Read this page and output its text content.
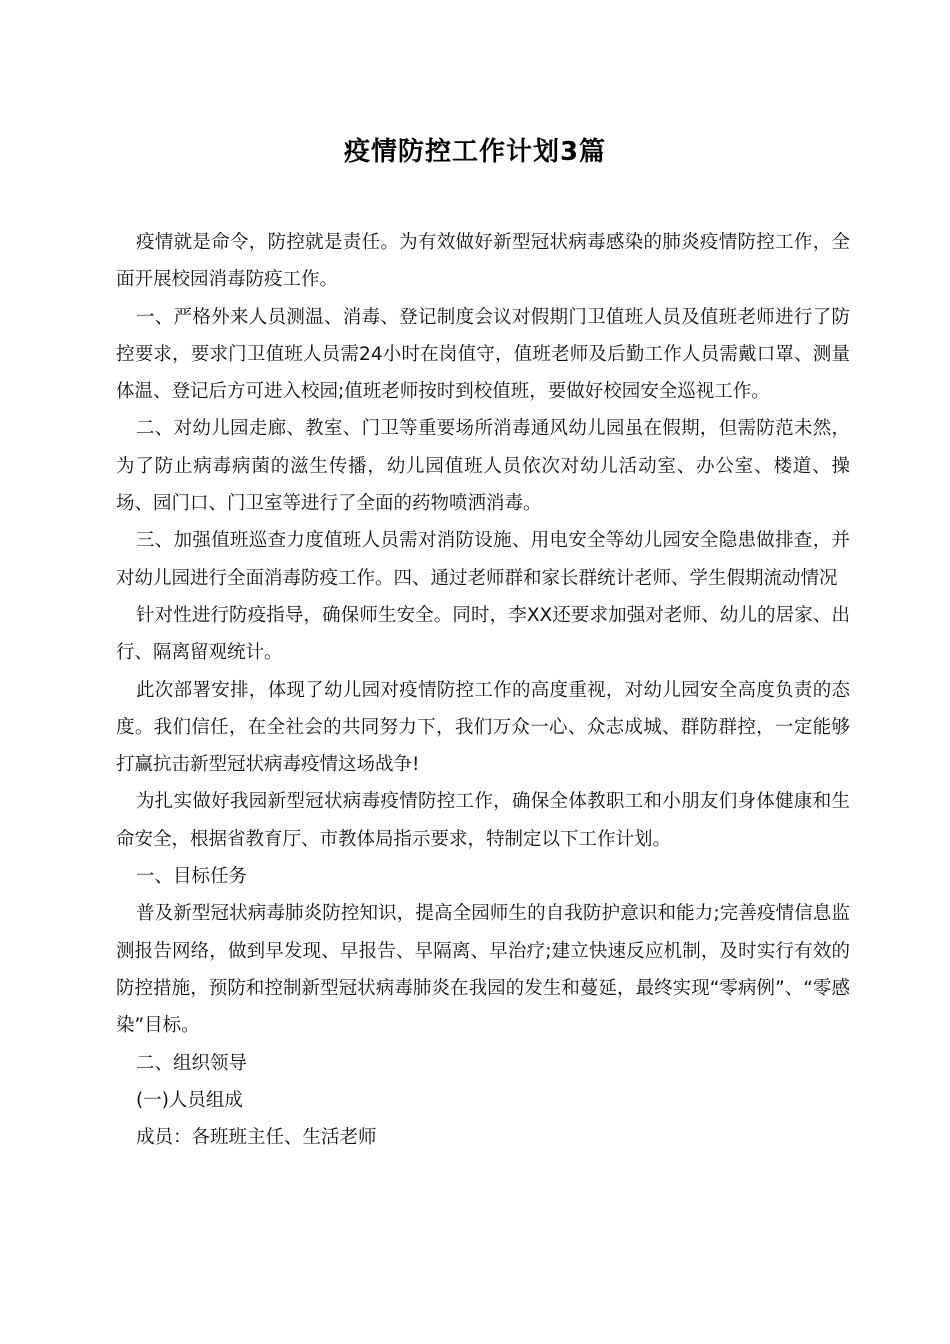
疫情防控工作计划3篇

疫情就是命令，防控就是责任。为有效做好新型冠状病毒感染的肺炎疫情防控工作，全面开展校园消毒防疫工作。

一、严格外来人员测温、消毒、登记制度会议对假期门卫值班人员及值班老师进行了防控要求，要求门卫值班人员需24小时在岗值守，值班老师及后勤工作人员需戴口罩、测量体温、登记后方可进入校园;值班老师按时到校值班，要做好校园安全巡视工作。

二、对幼儿园走廊、教室、门卫等重要场所消毒通风幼儿园虽在假期，但需防范未然，为了防止病毒病菌的滋生传播，幼儿园值班人员依次对幼儿活动室、办公室、楼道、操场、园门口、门卫室等进行了全面的药物喷洒消毒。

三、加强值班巡查力度值班人员需对消防设施、用电安全等幼儿园安全隐患做排查，并对幼儿园进行全面消毒防疫工作。四、通过老师群和家长群统计老师、学生假期流动情况

针对性进行防疫指导，确保师生安全。同时，李XX还要求加强对老师、幼儿的居家、出行、隔离留观统计。

此次部署安排，体现了幼儿园对疫情防控工作的高度重视，对幼儿园安全高度负责的态度。我们信任，在全社会的共同努力下，我们万众一心、众志成城、群防群控，一定能够打赢抗击新型冠状病毒疫情这场战争!

为扎实做好我园新型冠状病毒疫情防控工作，确保全体教职工和小朋友们身体健康和生命安全，根据省教育厅、市教体局指示要求，特制定以下工作计划。

一、目标任务

普及新型冠状病毒肺炎防控知识，提高全园师生的自我防护意识和能力;完善疫情信息监测报告网络，做到早发现、早报告、早隔离、早治疗;建立快速反应机制，及时实行有效的防控措施，预防和控制新型冠状病毒肺炎在我园的发生和蔓延，最终实现“零病例”、“零感染”目标。

二、组织领导

(一)人员组成

成员：各班班主任、生活老师
